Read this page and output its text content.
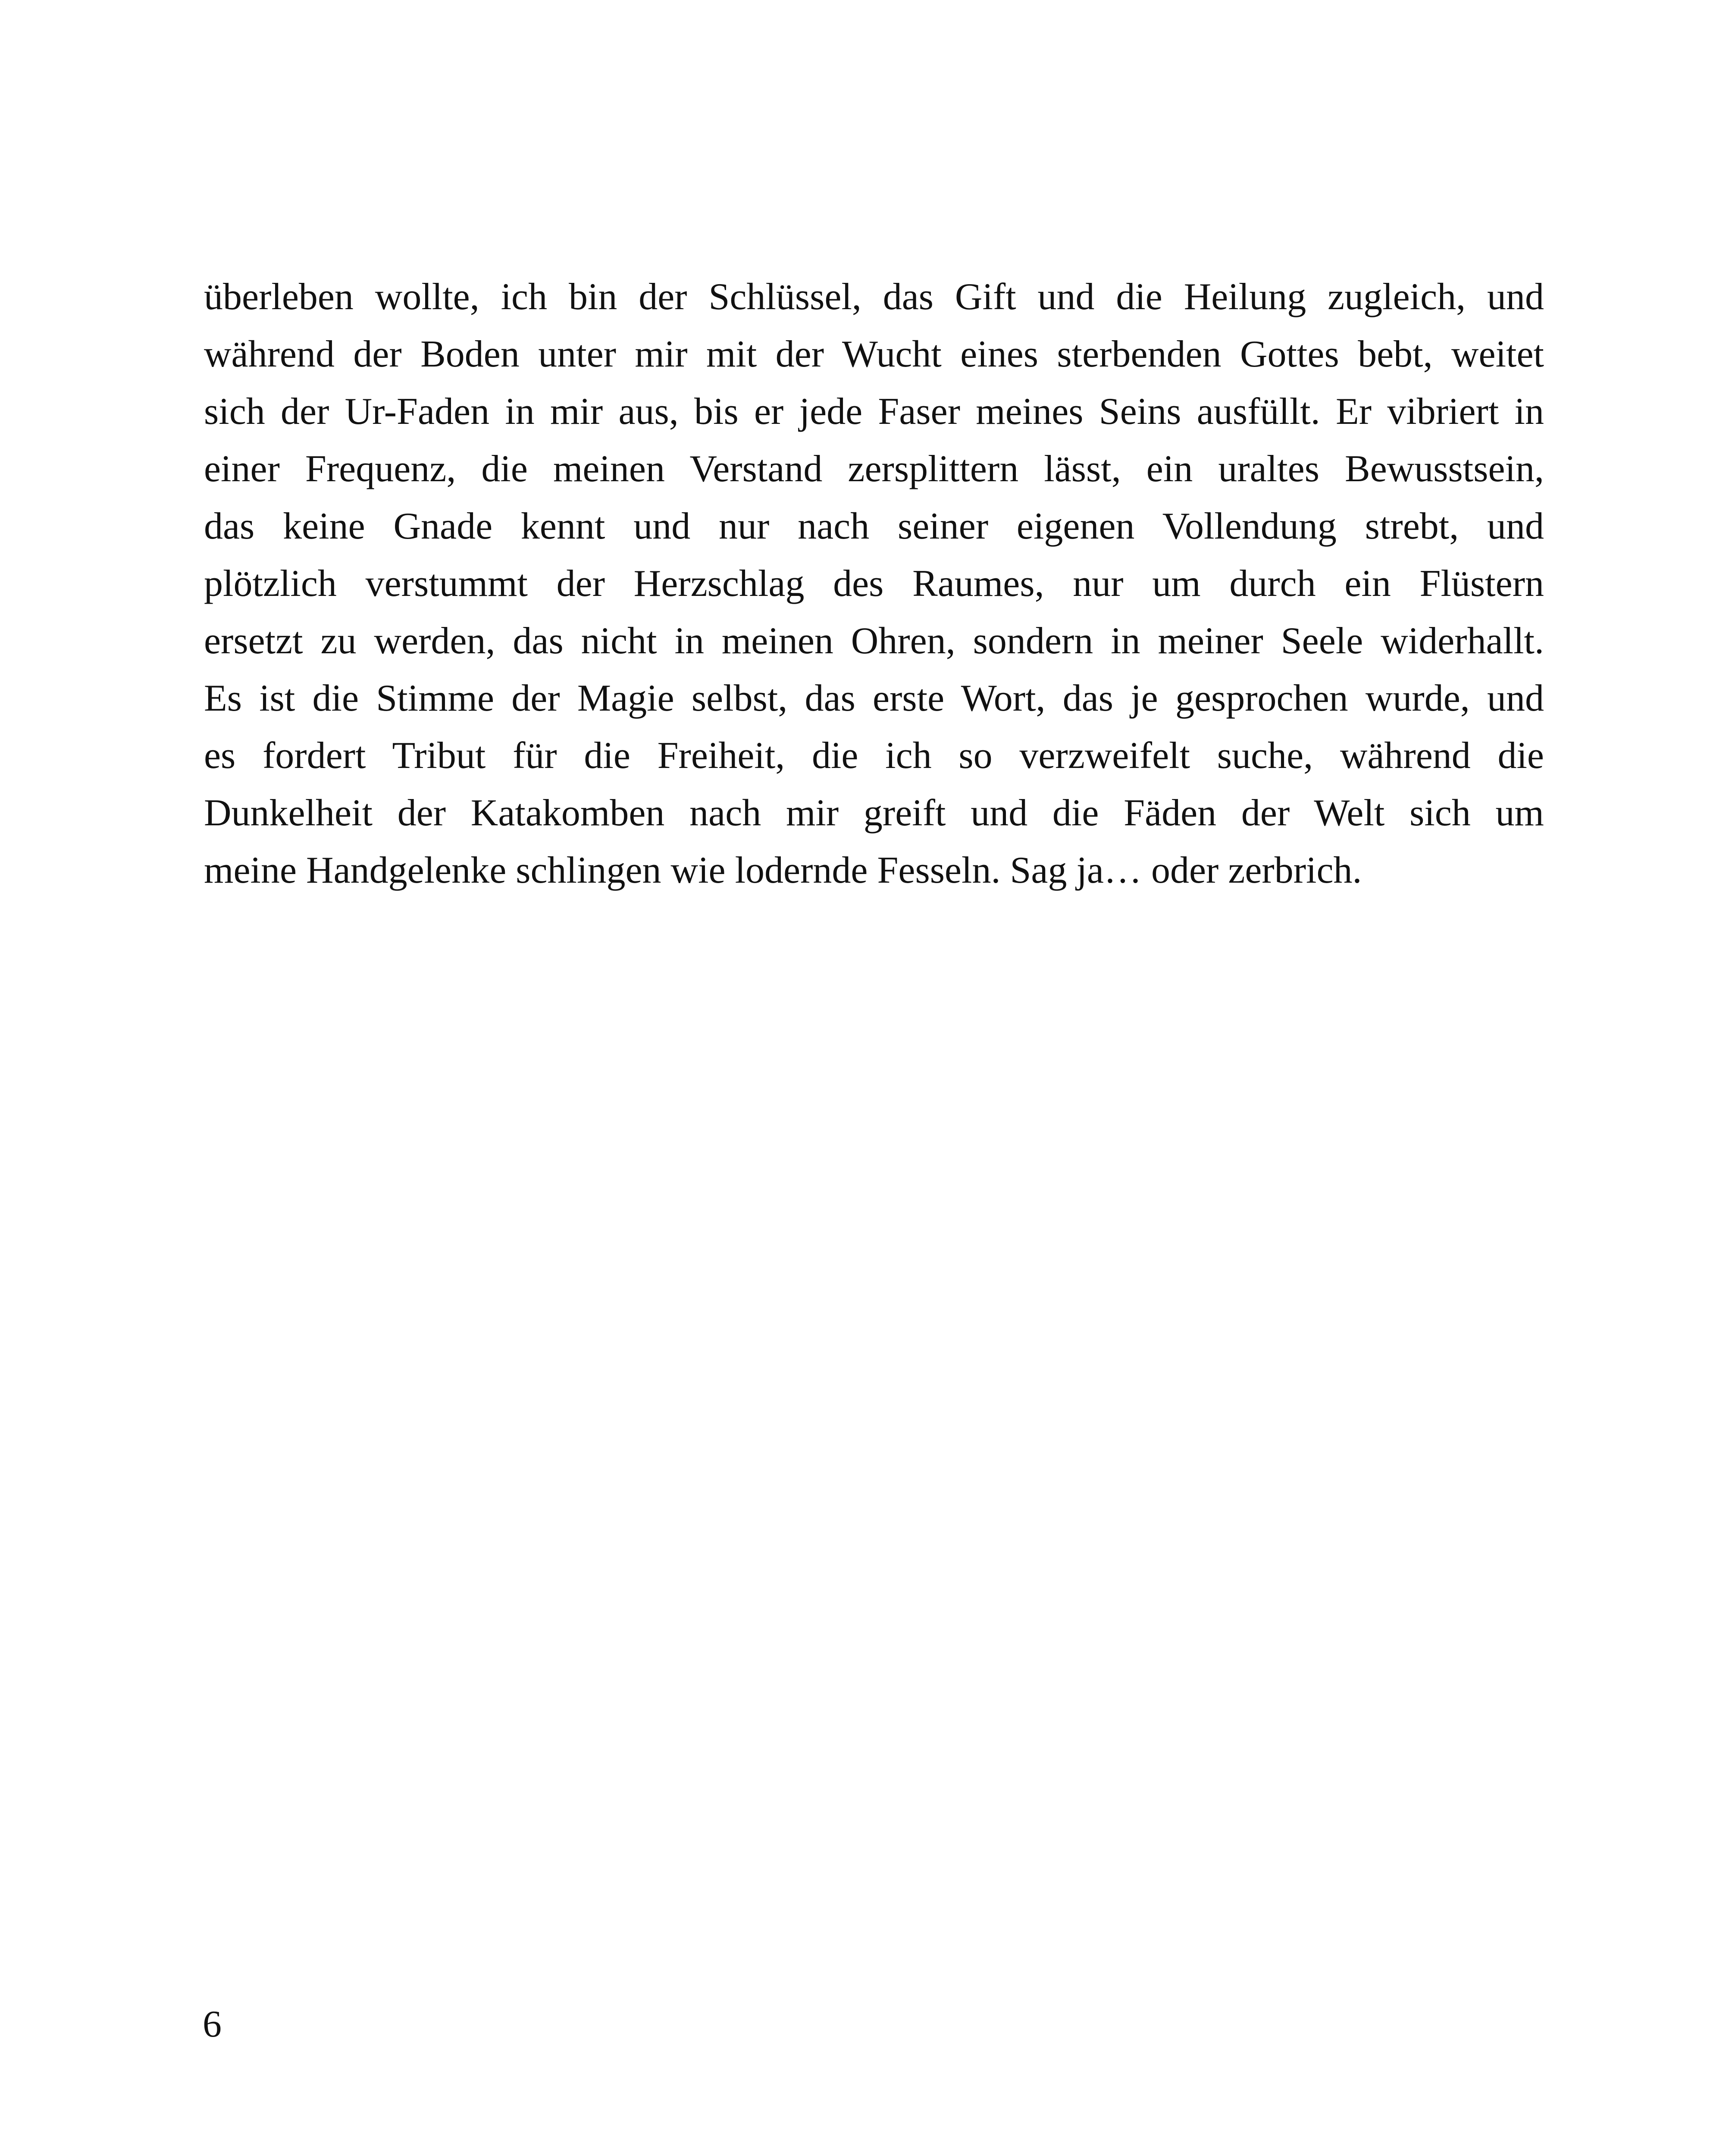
überleben wollte, ich bin der Schlüssel, das Gift und die Heilung zugleich, und
während der Boden unter mir mit der Wucht eines sterbenden Gottes bebt, weitet
sich der Ur-Faden in mir aus, bis er jede Faser meines Seins ausfüllt. Er vibriert in
einer Frequenz, die meinen Verstand zersplittern lässt, ein uraltes Bewusstsein,
das keine Gnade kennt und nur nach seiner eigenen Vollendung strebt, und
plötzlich verstummt der Herzschlag des Raumes, nur um durch ein Flüstern
ersetzt zu werden, das nicht in meinen Ohren, sondern in meiner Seele widerhallt.
Es ist die Stimme der Magie selbst, das erste Wort, das je gesprochen wurde, und
es fordert Tribut für die Freiheit, die ich so verzweifelt suche, während die
Dunkelheit der Katakomben nach mir greift und die Fäden der Welt sich um
meine Handgelenke schlingen wie lodernde Fesseln. Sag ja… oder zerbrich.

6
